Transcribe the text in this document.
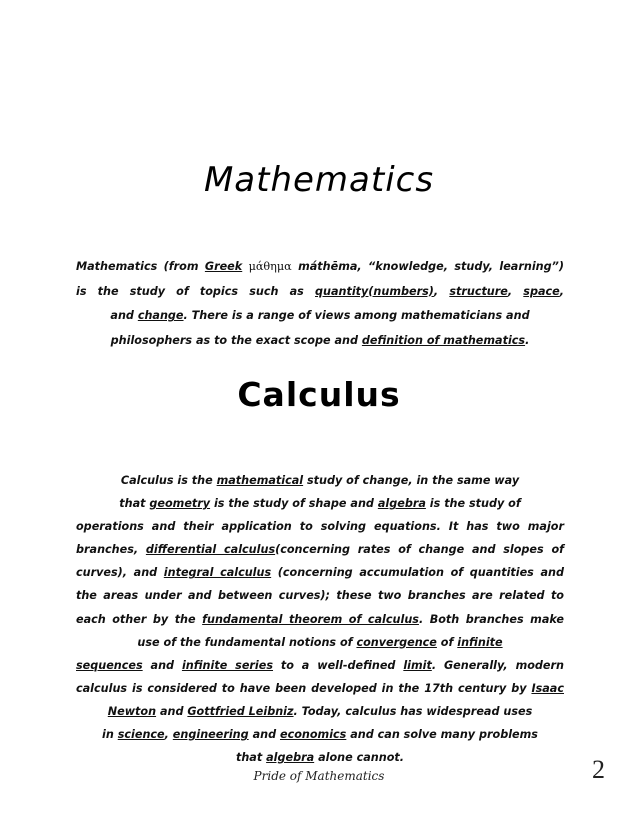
Mathematics
Mathematics (from Greek μάθημα máthēma, “knowledge, study, learning”)
is the study of topics such as quantity(numbers), structure, space,
and change. There is a range of views among mathematicians and
philosophers as to the exact scope and definition of mathematics.
Calculus
Calculus is the mathematical study of change, in the same way
that geometry is the study of shape and algebra is the study of
operations and their application to solving equations. It has two major
branches, differential calculus(concerning rates of change and slopes of
curves), and integral calculus (concerning accumulation of quantities and
the areas under and between curves); these two branches are related to
each other by the fundamental theorem of calculus. Both branches make
use of the fundamental notions of convergence of infinite
sequences and infinite series to a well-defined limit. Generally, modern
calculus is considered to have been developed in the 17th century by Isaac
Newton and Gottfried Leibniz. Today, calculus has widespread uses
in science, engineering and economics and can solve many problems
that algebra alone cannot.
Pride of Mathematics	2
